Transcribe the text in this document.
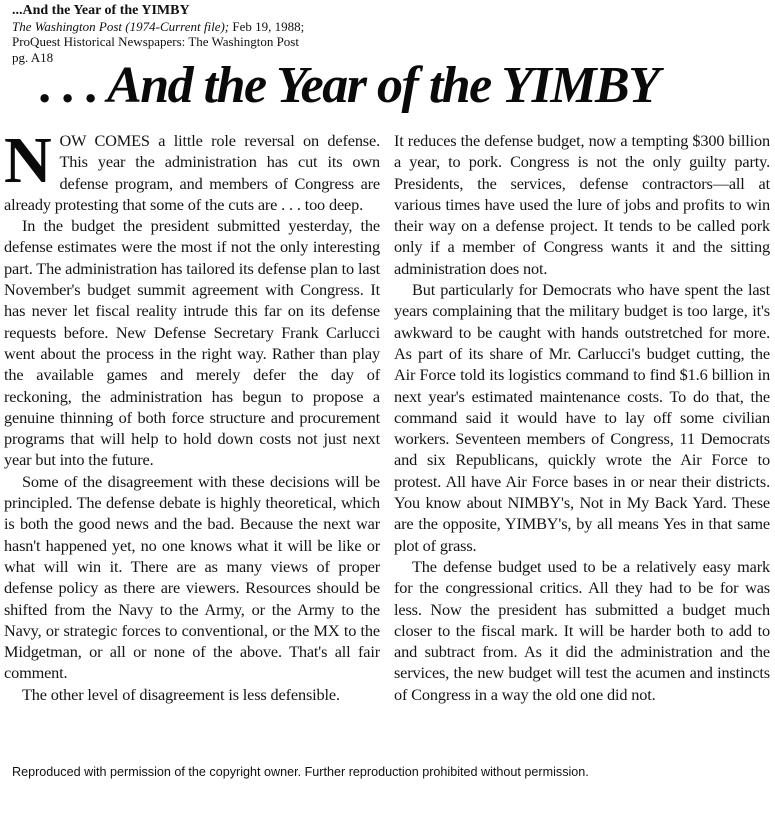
...And the Year of the YIMBY
The Washington Post (1974-Current file); Feb 19, 1988;
ProQuest Historical Newspapers: The Washington Post
pg. A18
. . . And the Year of the YIMBY

NOW COMES a little role reversal on defense. This year the administration has cut its own defense program, and members of Congress are already protesting that some of the cuts are . . . too deep.

In the budget the president submitted yesterday, the defense estimates were the most if not the only interesting part. The administration has tailored its defense plan to last November's budget summit agreement with Congress. It has never let fiscal reality intrude this far on its defense requests before. New Defense Secretary Frank Carlucci went about the process in the right way. Rather than play the available games and merely defer the day of reckoning, the administration has begun to propose a genuine thinning of both force structure and procurement programs that will help to hold down costs not just next year but into the future.

Some of the disagreement with these decisions will be principled. The defense debate is highly theoretical, which is both the good news and the bad. Because the next war hasn't happened yet, no one knows what it will be like or what will win it. There are as many views of proper defense policy as there are viewers. Resources should be shifted from the Navy to the Army, or the Army to the Navy, or strategic forces to conventional, or the MX to the Midgetman, or all or none of the above. That's all fair comment.

The other level of disagreement is less defensible.

It reduces the defense budget, now a tempting $300 billion a year, to pork. Congress is not the only guilty party. Presidents, the services, defense contractors—all at various times have used the lure of jobs and profits to win their way on a defense project. It tends to be called pork only if a member of Congress wants it and the sitting administration does not.

But particularly for Democrats who have spent the last years complaining that the military budget is too large, it's awkward to be caught with hands outstretched for more. As part of its share of Mr. Carlucci's budget cutting, the Air Force told its logistics command to find $1.6 billion in next year's estimated maintenance costs. To do that, the command said it would have to lay off some civilian workers. Seventeen members of Congress, 11 Democrats and six Republicans, quickly wrote the Air Force to protest. All have Air Force bases in or near their districts. You know about NIMBY's, Not in My Back Yard. These are the opposite, YIMBY's, by all means Yes in that same plot of grass.

The defense budget used to be a relatively easy mark for the congressional critics. All they had to be for was less. Now the president has submitted a budget much closer to the fiscal mark. It will be harder both to add to and subtract from. As it did the administration and the services, the new budget will test the acumen and instincts of Congress in a way the old one did not.

Reproduced with permission of the copyright owner. Further reproduction prohibited without permission.
